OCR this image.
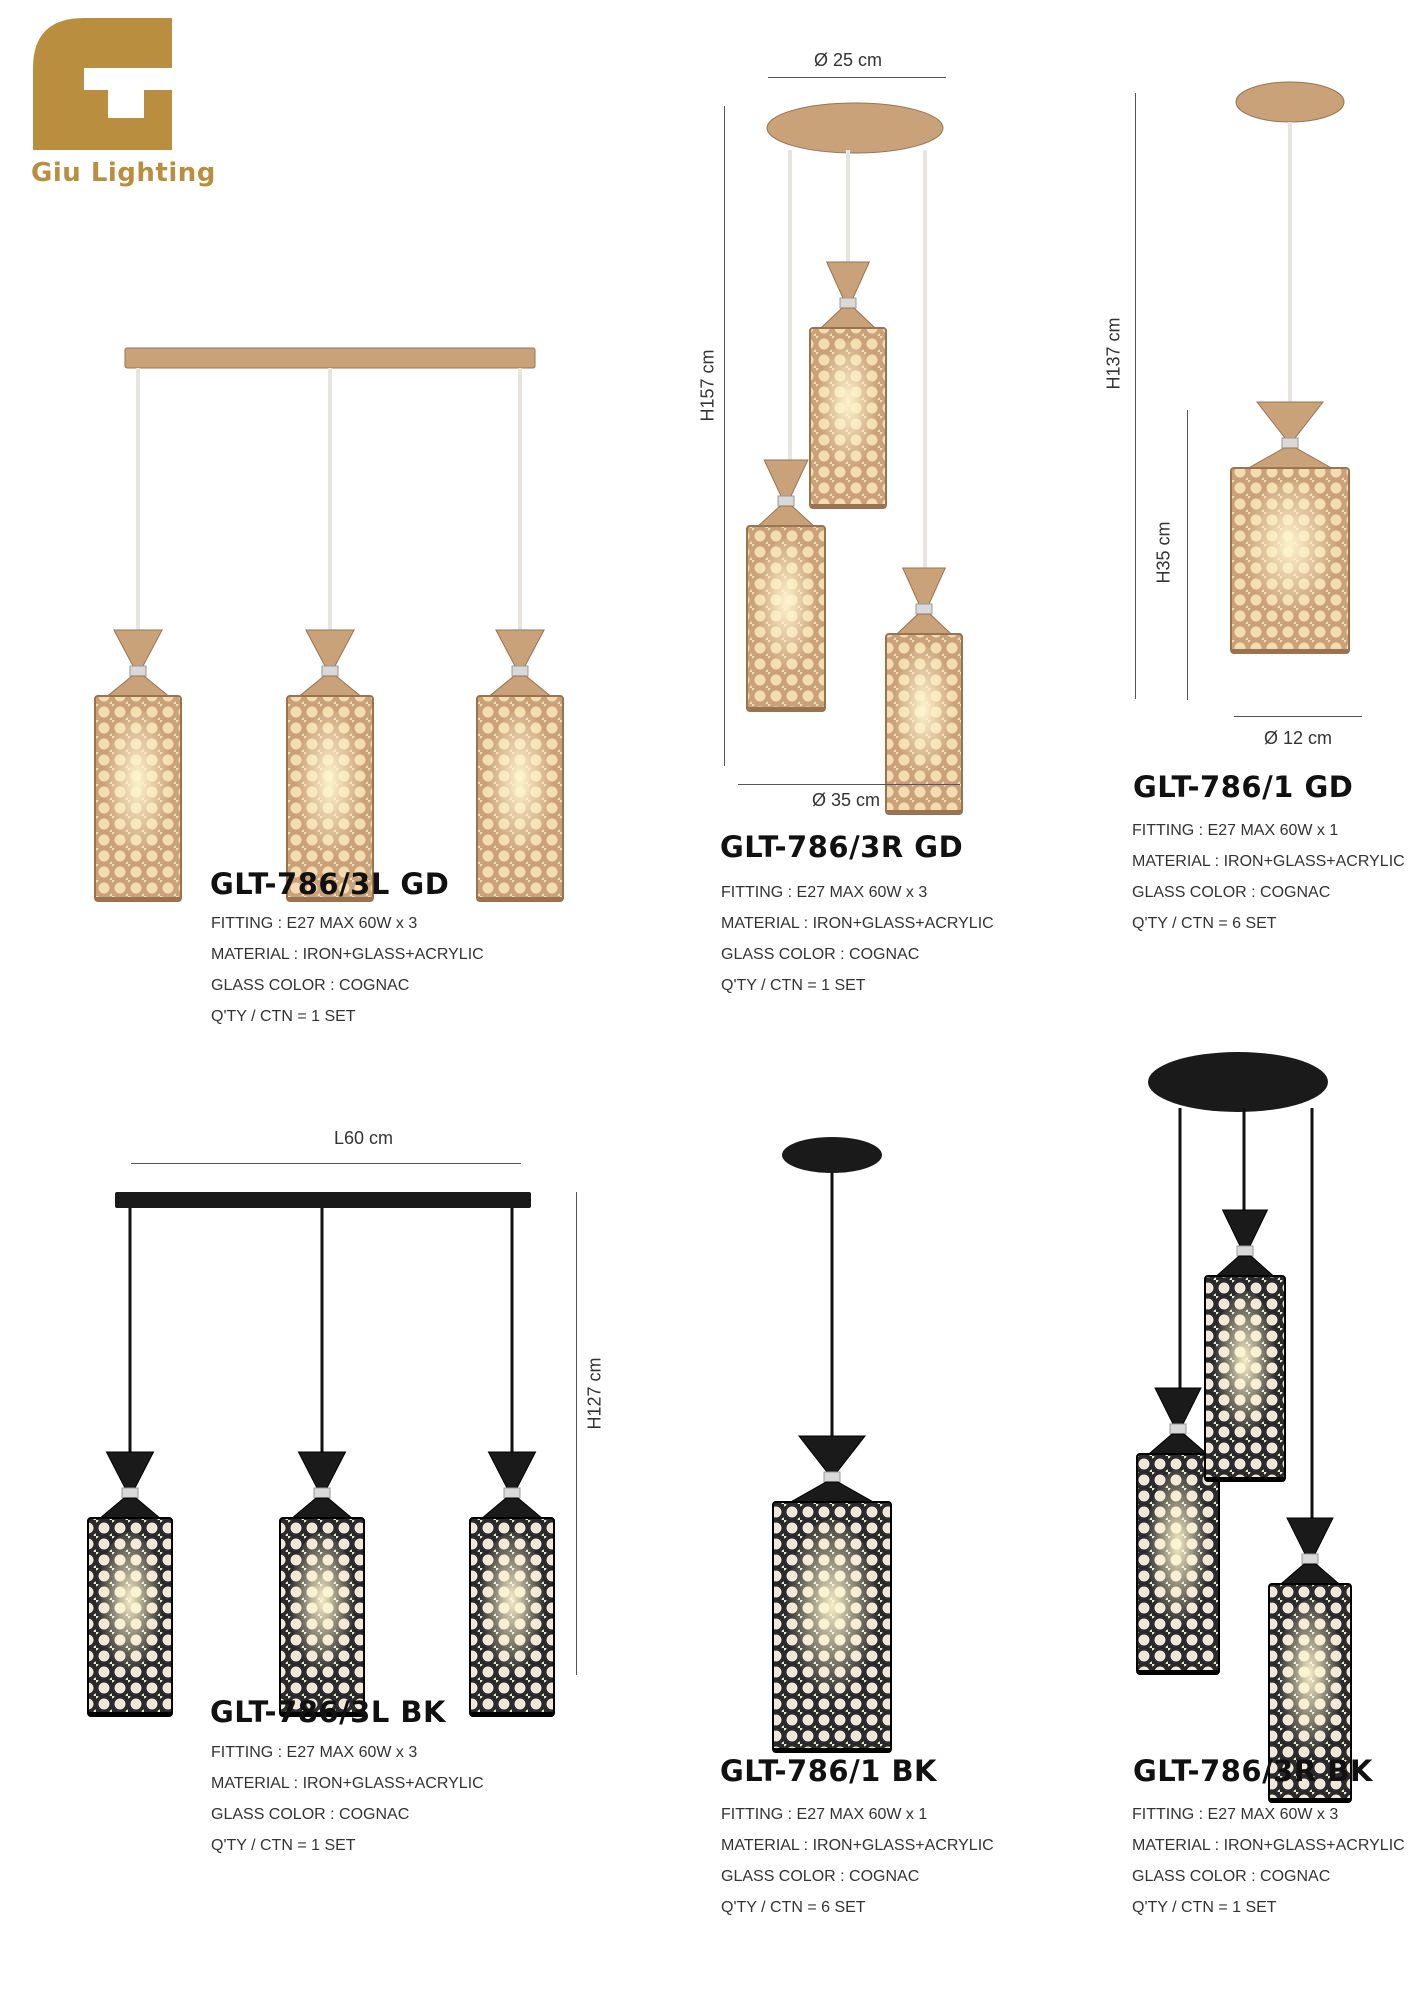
Giu Lighting
Ø 25 cm
H157 cm
Ø 35 cm
H137 cm
H35 cm
Ø 12 cm
L60 cm
H127 cm
GLT-786/3L GD
FITTING : E27 MAX 60W x 3
MATERIAL : IRON+GLASS+ACRYLIC
GLASS COLOR : COGNAC
Q'TY / CTN = 1 SET
GLT-786/3R GD
FITTING : E27 MAX 60W x 3
MATERIAL : IRON+GLASS+ACRYLIC
GLASS COLOR : COGNAC
Q'TY / CTN = 1 SET
GLT-786/1 GD
FITTING : E27 MAX 60W x 1
MATERIAL : IRON+GLASS+ACRYLIC
GLASS COLOR : COGNAC
Q'TY / CTN = 6 SET
GLT-786/3L BK
FITTING : E27 MAX 60W x 3
MATERIAL : IRON+GLASS+ACRYLIC
GLASS COLOR : COGNAC
Q'TY / CTN = 1 SET
GLT-786/1 BK
FITTING : E27 MAX 60W x 1
MATERIAL : IRON+GLASS+ACRYLIC
GLASS COLOR : COGNAC
Q'TY / CTN = 6 SET
GLT-786/3R BK
FITTING : E27 MAX 60W x 3
MATERIAL : IRON+GLASS+ACRYLIC
GLASS COLOR : COGNAC
Q'TY / CTN = 1 SET
